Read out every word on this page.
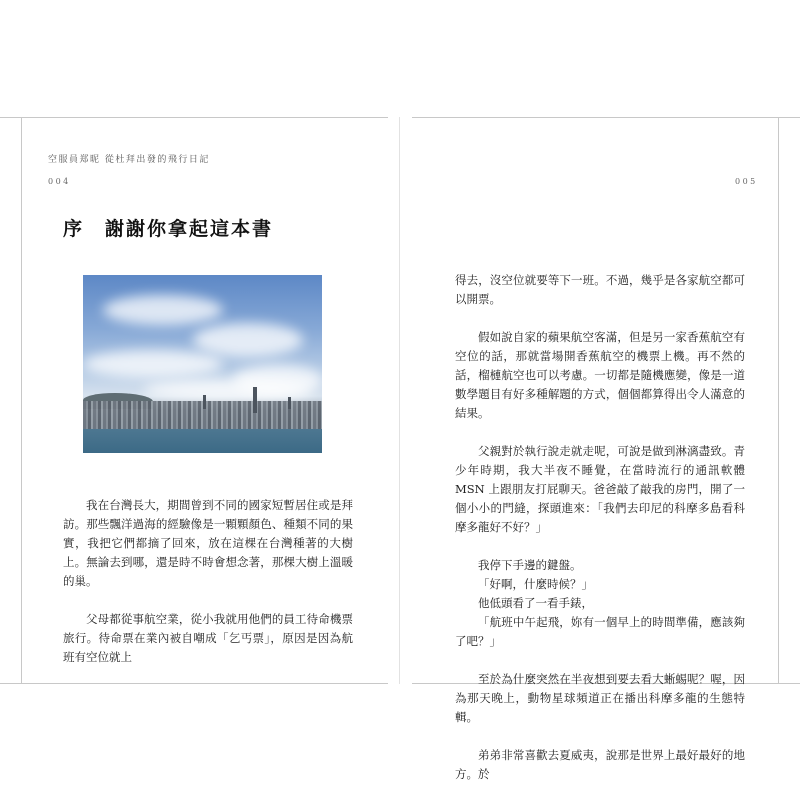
空服員郑昵 從杜拜出發的飛行日記
004	005
序　謝謝你拿起這本書

我在台灣長大，期間曾到不同的國家短暫居住或是拜訪。那些飄洋過海的經驗像是一顆顆顏色、種類不同的果實，我把它們都摘了回來，放在這棵在台灣種著的大樹上。無論去到哪，還是時不時會想念著，那棵大樹上溫暖的巢。

父母都從事航空業，從小我就用他們的員工待命機票旅行。待命票在業內被自嘲成「乞丐票」，原因是因為航班有空位就上

得去，沒空位就要等下一班。不過，幾乎是各家航空都可以開票。

假如說自家的蘋果航空客滿，但是另一家香蕉航空有空位的話，那就當場開香蕉航空的機票上機。再不然的話，榴槤航空也可以考慮。一切都是隨機應變，像是一道數學題目有好多種解題的方式，個個都算得出令人滿意的結果。

父親對於執行說走就走呢，可說是做到淋漓盡致。青少年時期，我大半夜不睡覺，在當時流行的通訊軟體 MSN 上跟朋友打屁聊天。爸爸敲了敲我的房門，開了一個小小的門縫，探頭進來：「我們去印尼的科摩多島看科摩多龍好不好？」

我停下手邊的鍵盤。
「好啊，什麼時候？」
他低頭看了一看手錶，
「航班中午起飛，妳有一個早上的時間準備，應該夠了吧？」

至於為什麼突然在半夜想到要去看大蜥蜴呢？喔，因為那天晚上，動物星球頻道正在播出科摩多龍的生態特輯。

弟弟非常喜歡去夏威夷，說那是世界上最好最好的地方。於
